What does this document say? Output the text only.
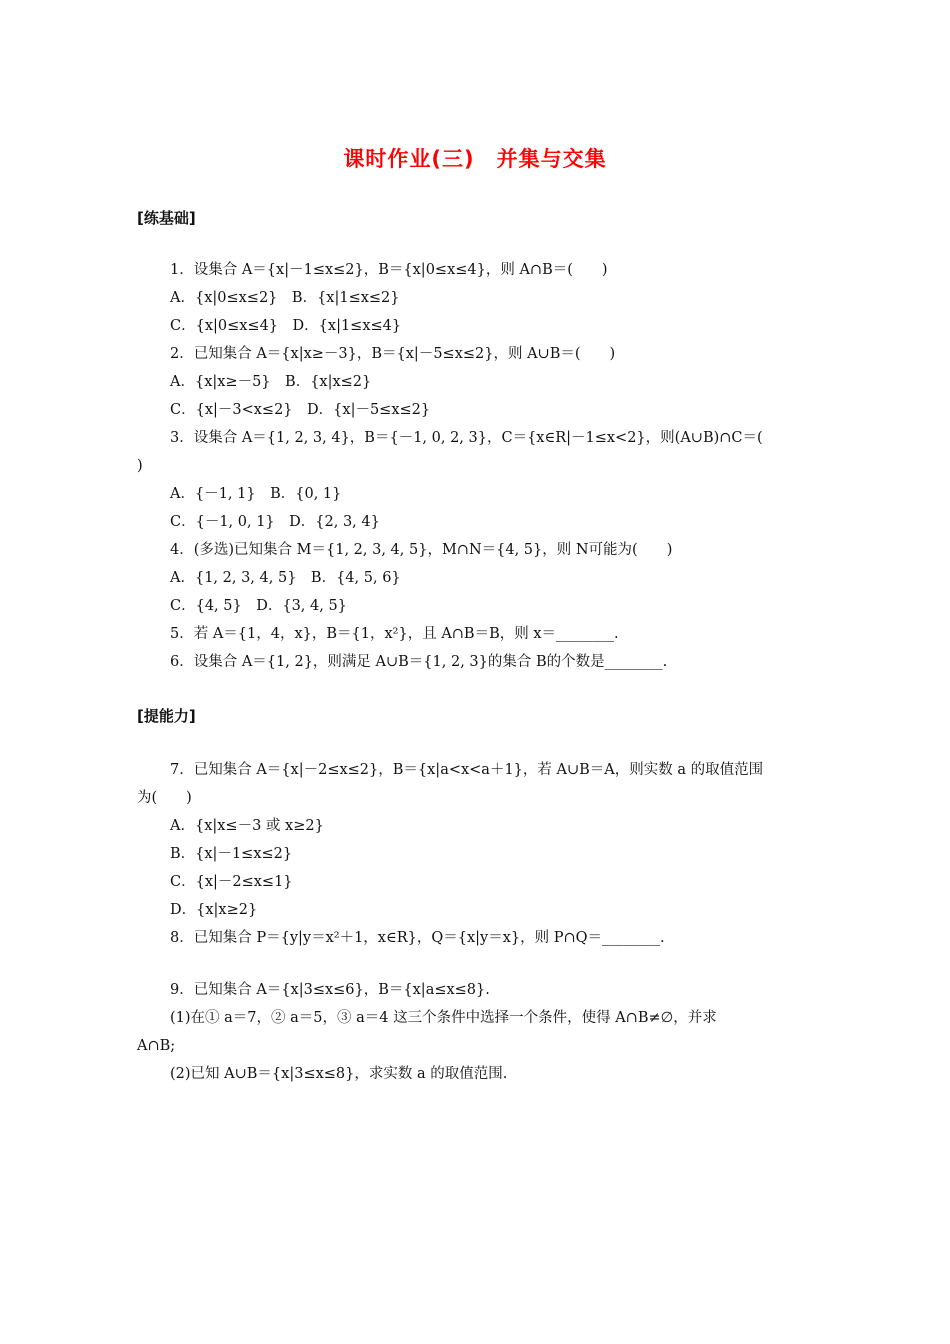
课时作业(三)　并集与交集
[练基础]
1．设集合 A＝{x|－1≤x≤2}，B＝{x|0≤x≤4}，则 A∩B＝(　　)
A．{x|0≤x≤2}　B．{x|1≤x≤2}
C．{x|0≤x≤4}　D．{x|1≤x≤4}
2．已知集合 A＝{x|x≥－3}，B＝{x|－5≤x≤2}，则 A∪B＝(　　)
A．{x|x≥－5}　B．{x|x≤2}
C．{x|－3<x≤2}　D．{x|－5≤x≤2}
3．设集合 A＝{1, 2, 3, 4}，B＝{－1, 0, 2, 3}，C＝{x∈R|－1≤x<2}，则(A∪B)∩C＝(
)
A．{－1, 1}　B．{0, 1}
C．{－1, 0, 1}　D．{2, 3, 4}
4．(多选)已知集合 M＝{1, 2, 3, 4, 5}，M∩N＝{4, 5}，则 N可能为(　　)
A．{1, 2, 3, 4, 5}　B．{4, 5, 6}
C．{4, 5}　D．{3, 4, 5}
5．若 A＝{1，4，x}，B＝{1，x²}，且 A∩B＝B，则 x＝________.
6．设集合 A＝{1, 2}，则满足 A∪B＝{1, 2, 3}的集合 B的个数是________.
[提能力]
7．已知集合 A＝{x|－2≤x≤2}，B＝{x|a<x<a＋1}，若 A∪B＝A，则实数 a 的取值范围
为(　　)
A．{x|x≤－3 或 x≥2}
B．{x|－1≤x≤2}
C．{x|－2≤x≤1}
D．{x|x≥2}
8．已知集合 P＝{y|y＝x²＋1，x∈R}，Q＝{x|y＝x}，则 P∩Q＝________.
9．已知集合 A＝{x|3≤x≤6}，B＝{x|a≤x≤8}.
(1)在① a＝7，② a＝5，③ a＝4 这三个条件中选择一个条件，使得 A∩B≠∅，并求
A∩B;
(2)已知 A∪B＝{x|3≤x≤8}，求实数 a 的取值范围.
